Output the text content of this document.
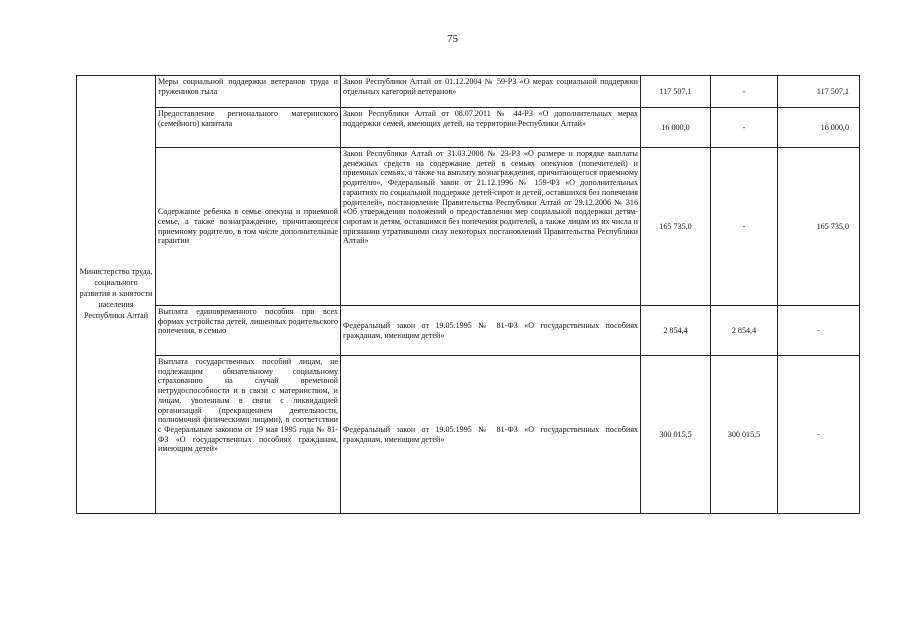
75
Министерство труда, социального развития и занятости населения Республики Алтай	Меры социальной поддержки ветеранов труда и тружеников тыла	Закон Республики Алтай от 01.12.2004 № 59-РЗ «О мерах социальной поддержки отдельных категорий ветеранов»	117 507,1	-	117 507,1
	Предоставление регионального материнского (семейного) капитала	Закон Республики Алтай от 08.07.2011 № 44-РЗ «О дополнительных мерах поддержки семей, имеющих детей, на территории Республики Алтай»	16 000,0	-	16 000,0
	Содержание ребенка в семье опекуна и приемной семье, а также вознаграждение, причитающееся приемному родителю, в том числе дополнительные гарантии	Закон Республики Алтай от 31.03.2008 № 23-РЗ «О размере и порядке выплаты денежных средств на содержание детей в семьях опекунов (попечителей) и приемных семьях, а также на выплату вознаграждения, причитающегося приемному родителю», Федеральный закон от 21.12.1996 № 159-ФЗ «О дополнительных гарантиях по социальной поддержке детей-сирот и детей, оставшихся без попечения родителей», постановление Правительства Республики Алтай от 29.12.2006 № 316 «Об утверждении положений о предоставлении мер социальной поддержки детям-сиротам и детям, оставшимся без попечения родителей, а также лицам из их числа и признании утратившими силу некоторых постановлений Правительства Республики Алтай»	165 735,0	-	165 735,0
	Выплата единовременного пособия при всех формах устройства детей, лишенных родительского попечения, в семью	Федеральный закон от 19.05.1995 № 81-ФЗ «О государственных пособиях гражданам, имеющим детей»	2 854,4	2 854,4	-
	Выплата государственных пособий лицам, не подлежащим обязательному социальному страхованию на случай временной нетрудоспособности и в связи с материнством, и лицам, уволенным в связи с ликвидацией организаций (прекращением деятельности, полномочий физическими лицами), в соответствии с Федеральным законом от 19 мая 1995 года № 81-ФЗ «О государственных пособиях гражданам, имеющим детей»	Федеральный закон от 19.05.1995 № 81-ФЗ «О государственных пособиях гражданам, имеющим детей»	300 015,5	300 015,5	-
